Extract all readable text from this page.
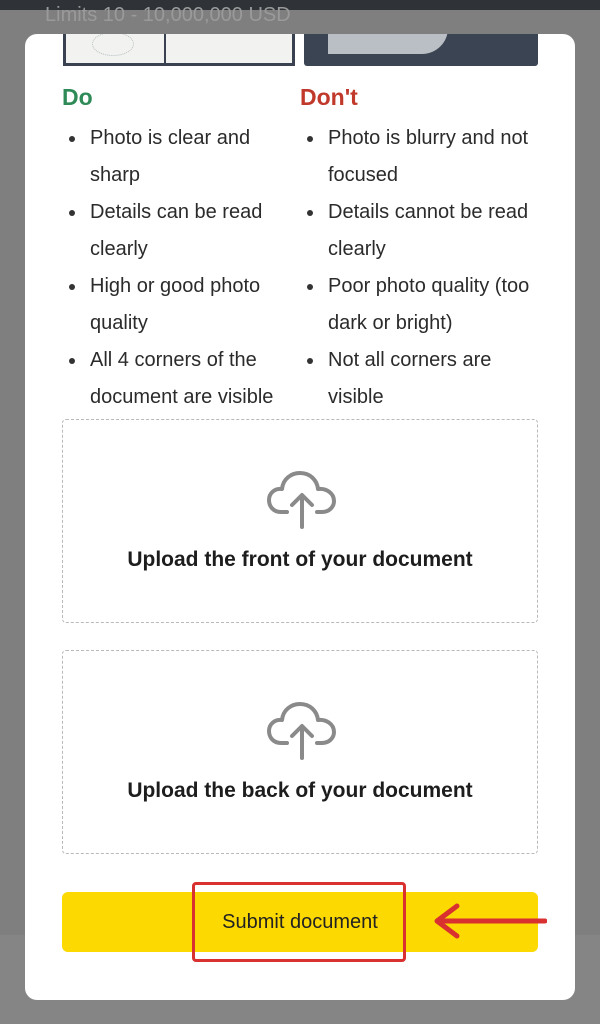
Limits 10 - 10,000,000 USD
Do
Photo is clear and sharp
Details can be read clearly
High or good photo quality
All 4 corners of the document are visible
Don't
Photo is blurry and not focused
Details cannot be read clearly
Poor photo quality (too dark or bright)
Not all corners are visible
Upload the front of your document
Upload the back of your document
Submit document
